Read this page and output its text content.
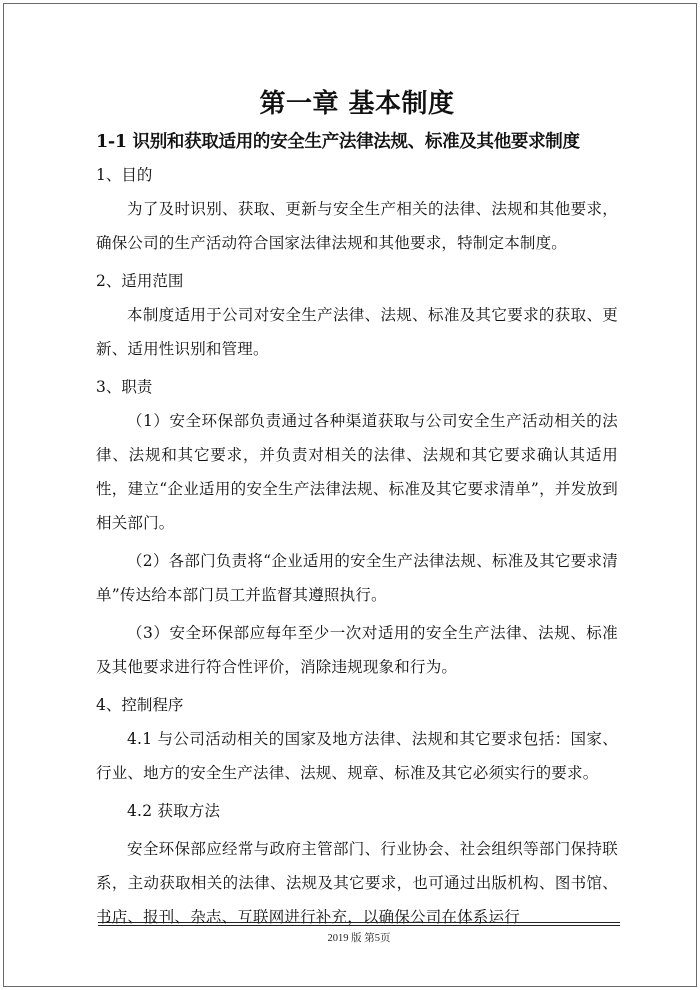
第一章 基本制度
1-1 识别和获取适用的安全生产法律法规、标准及其他要求制度

1、目的

为了及时识别、获取、更新与安全生产相关的法律、法规和其他要求，确保公司的生产活动符合国家法律法规和其他要求，特制定本制度。

2、适用范围

本制度适用于公司对安全生产法律、法规、标准及其它要求的获取、更新、适用性识别和管理。

3、职责

（1）安全环保部负责通过各种渠道获取与公司安全生产活动相关的法律、法规和其它要求，并负责对相关的法律、法规和其它要求确认其适用性，建立“企业适用的安全生产法律法规、标准及其它要求清单”，并发放到相关部门。

（2）各部门负责将“企业适用的安全生产法律法规、标准及其它要求清单”传达给本部门员工并监督其遵照执行。

（3）安全环保部应每年至少一次对适用的安全生产法律、法规、标准及其他要求进行符合性评价，消除违规现象和行为。

4、控制程序

4.1 与公司活动相关的国家及地方法律、法规和其它要求包括：国家、行业、地方的安全生产法律、法规、规章、标准及其它必须实行的要求。

4.2 获取方法

安全环保部应经常与政府主管部门、行业协会、社会组织等部门保持联系，主动获取相关的法律、法规及其它要求，也可通过出版机构、图书馆、书店、报刊、杂志、互联网进行补充，以确保公司在体系运行

2019 版 第5页
